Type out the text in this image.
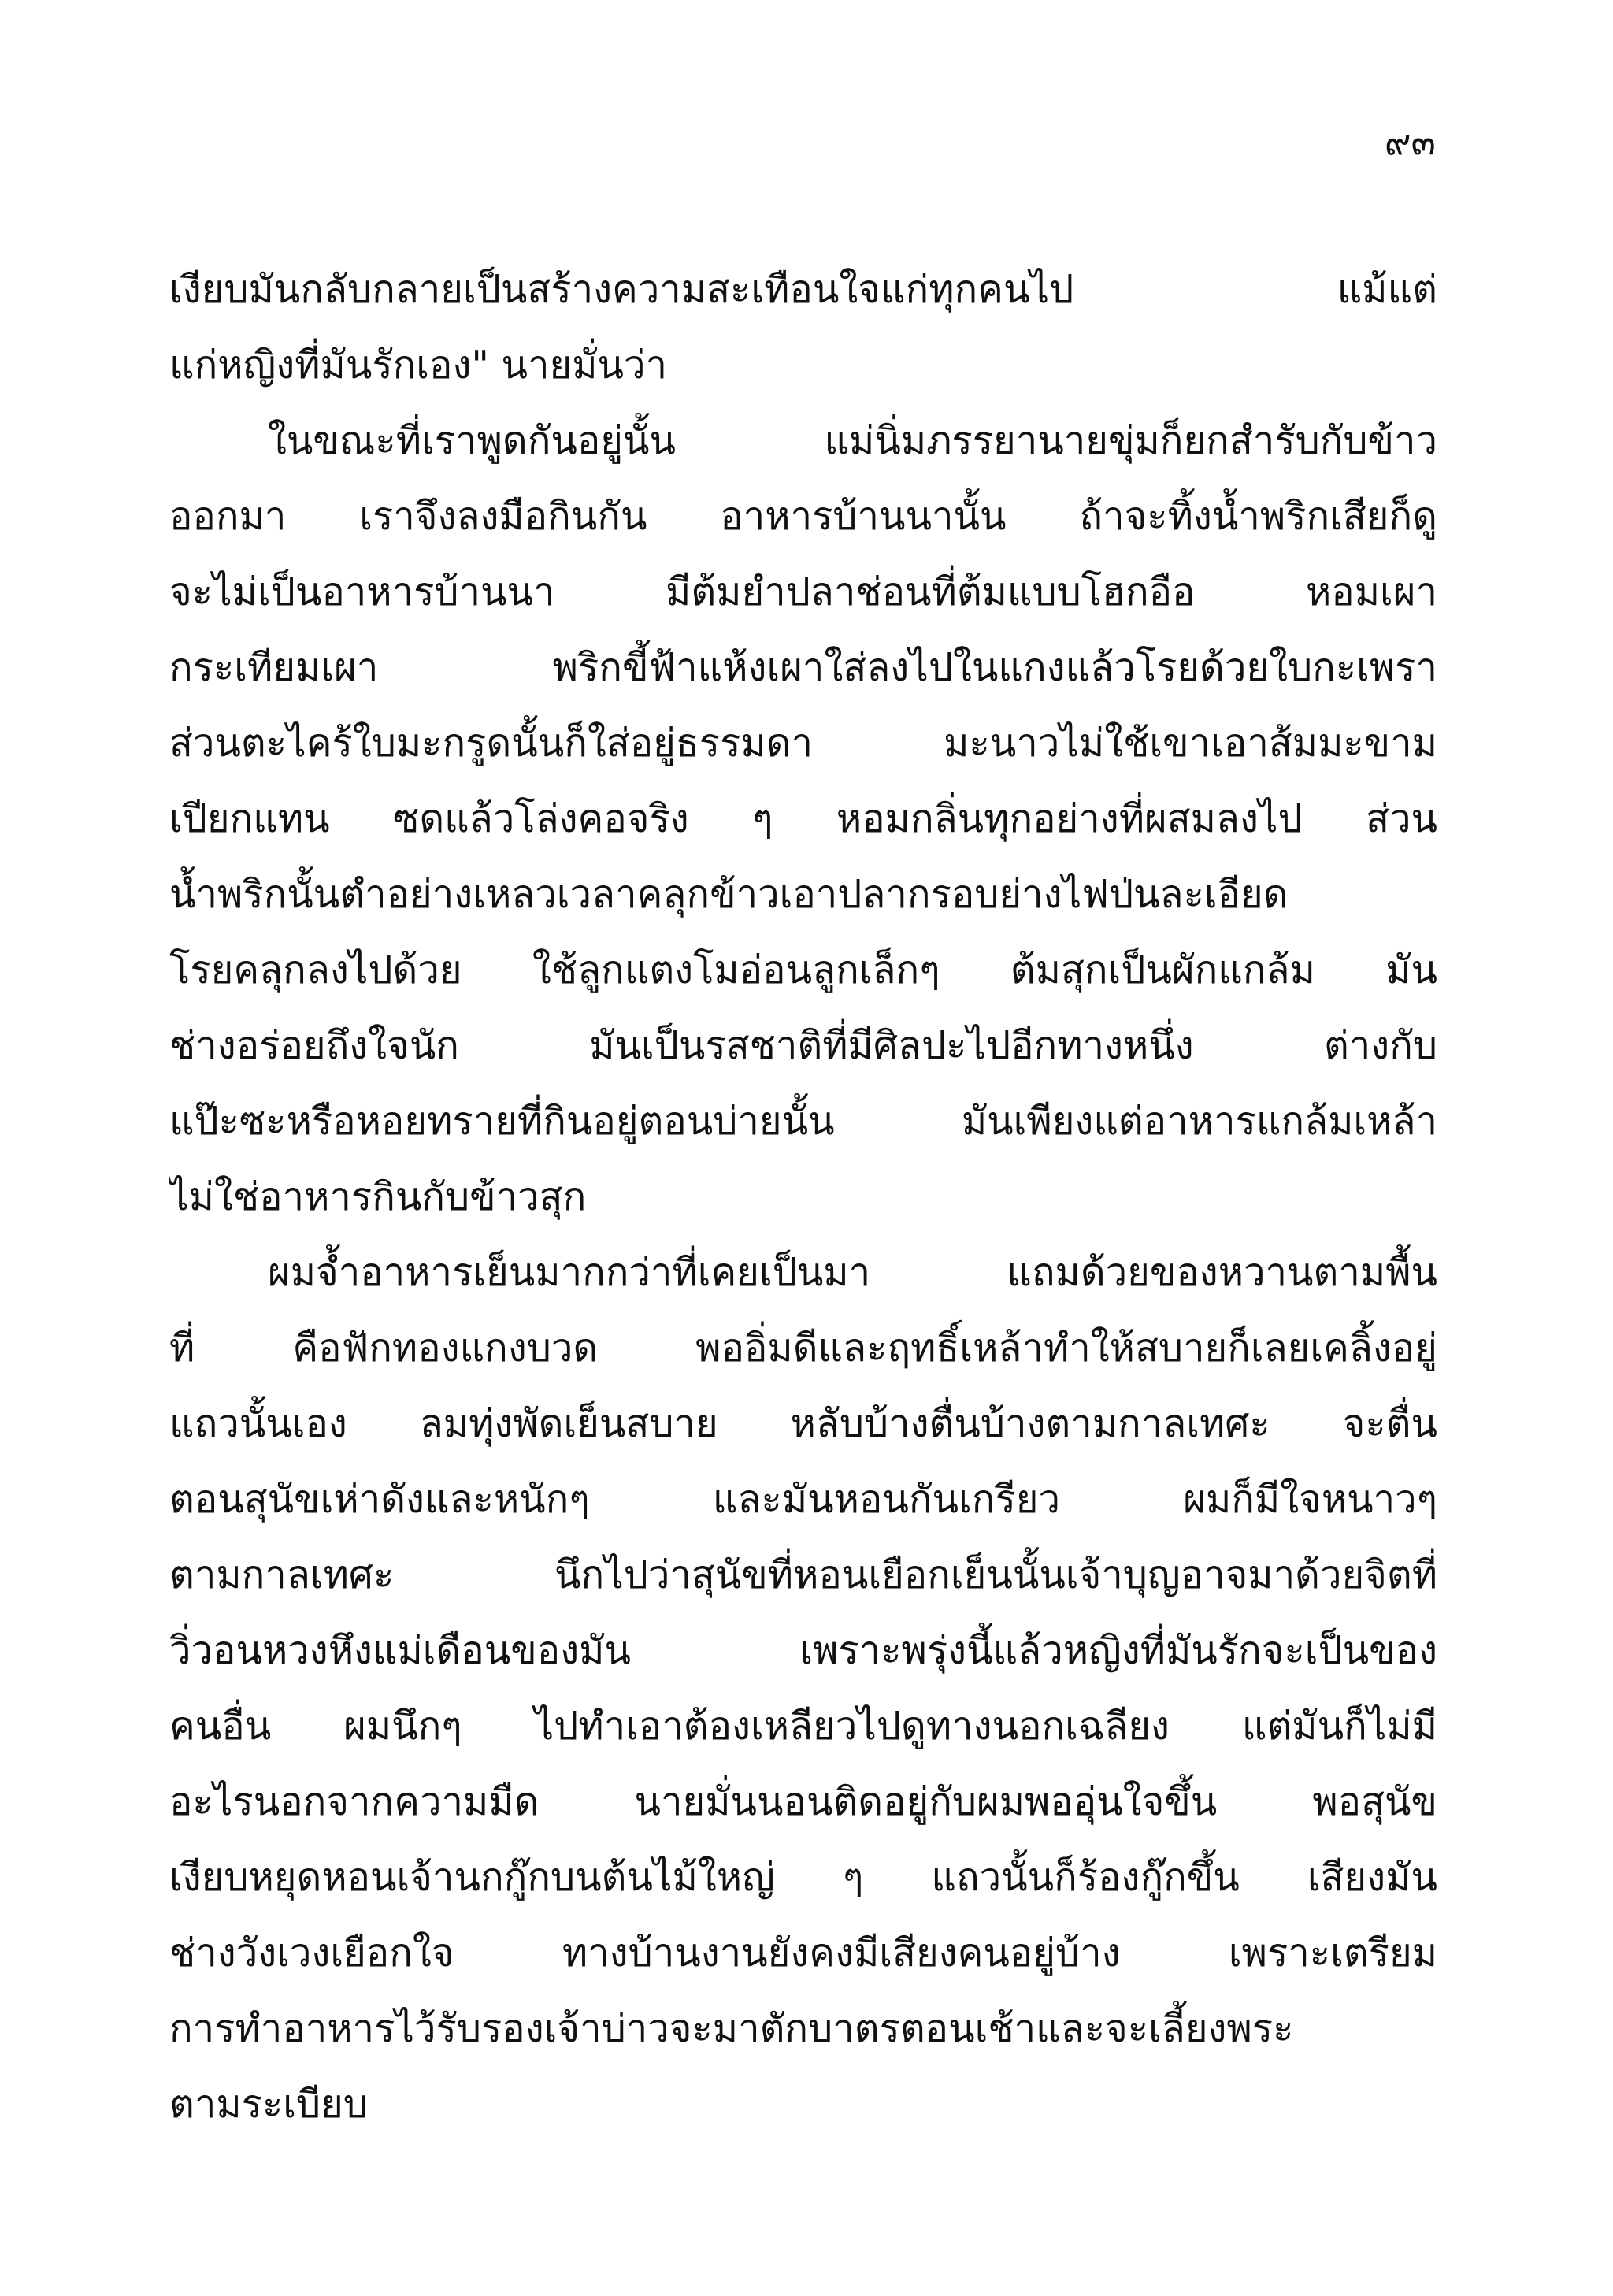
๙๓
เงียบมันกลับกลายเป็นสร้างความสะเทือนใจแก่ทุกคนไป แม้แต่
แก่หญิงที่มันรักเอง" นายมั่นว่า
ในขณะที่เราพูดกันอยู่นั้น แม่นิ่มภรรยานายขุ่มก็ยกสำรับกับข้าว
ออกมา เราจึงลงมือกินกัน อาหารบ้านนานั้น ถ้าจะทิ้งน้ำพริกเสียก็ดู
จะไม่เป็นอาหารบ้านนา มีต้มยำปลาช่อนที่ต้มแบบโฮกอือ หอมเผา
กระเทียมเผา พริกขี้ฟ้าแห้งเผาใส่ลงไปในแกงแล้วโรยด้วยใบกะเพรา
ส่วนตะไคร้ใบมะกรูดนั้นก็ใส่อยู่ธรรมดา มะนาวไม่ใช้เขาเอาส้มมะขาม
เปียกแทน ซดแล้วโล่งคอจริง ๆ หอมกลิ่นทุกอย่างที่ผสมลงไป ส่วน
น้ำพริกนั้นตำอย่างเหลวเวลาคลุกข้าวเอาปลากรอบย่างไฟป่นละเอียด
โรยคลุกลงไปด้วย ใช้ลูกแตงโมอ่อนลูกเล็กๆ ต้มสุกเป็นผักแกล้ม มัน
ช่างอร่อยถึงใจนัก มันเป็นรสชาติที่มีศิลปะไปอีกทางหนึ่ง ต่างกับ
แป๊ะซะหรือหอยทรายที่กินอยู่ตอนบ่ายนั้น มันเพียงแต่อาหารแกล้มเหล้า
ไม่ใช่อาหารกินกับข้าวสุก
ผมจ้ำอาหารเย็นมากกว่าที่เคยเป็นมา แถมด้วยของหวานตามพื้น
ที่ คือฟักทองแกงบวด พออิ่มดีและฤทธิ์เหล้าทำให้สบายก็เลยเคลิ้งอยู่
แถวนั้นเอง ลมทุ่งพัดเย็นสบาย หลับบ้างตื่นบ้างตามกาลเทศะ จะตื่น
ตอนสุนัขเห่าดังและหนักๆ และมันหอนกันเกรียว ผมก็มีใจหนาวๆ
ตามกาลเทศะ นึกไปว่าสุนัขที่หอนเยือกเย็นนั้นเจ้าบุญอาจมาด้วยจิตที่
วิ่วอนหวงหึงแม่เดือนของมัน เพราะพรุ่งนี้แล้วหญิงที่มันรักจะเป็นของ
คนอื่น ผมนึกๆ ไปทำเอาต้องเหลียวไปดูทางนอกเฉลียง แต่มันก็ไม่มี
อะไรนอกจากความมืด นายมั่นนอนติดอยู่กับผมพออุ่นใจขึ้น พอสุนัข
เงียบหยุดหอนเจ้านกกู๊กบนต้นไม้ใหญ่ ๆ แถวนั้นก็ร้องกู๊กขึ้น เสียงมัน
ช่างวังเวงเยือกใจ ทางบ้านงานยังคงมีเสียงคนอยู่บ้าง เพราะเตรียม
การทำอาหารไว้รับรองเจ้าบ่าวจะมาตักบาตรตอนเช้าและจะเลี้ยงพระ
ตามระเบียบ
